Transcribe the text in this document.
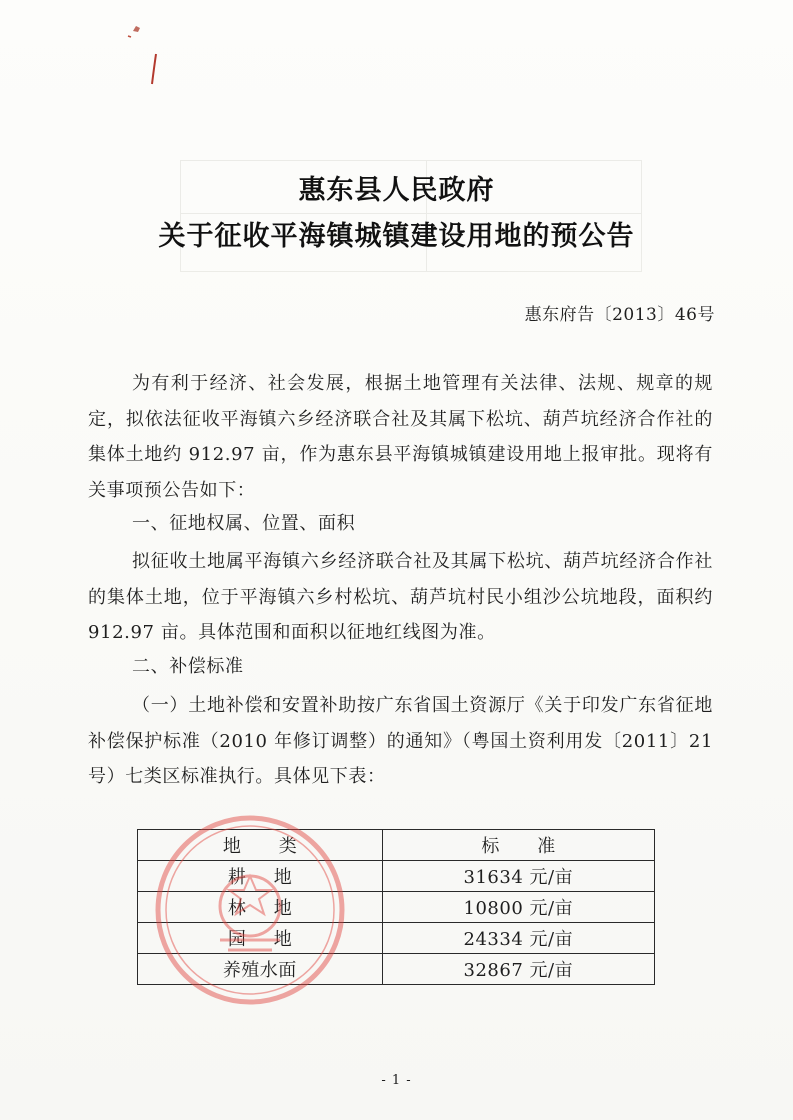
惠东县人民政府
关于征收平海镇城镇建设用地的预公告
惠东府告〔2013〕46号
为有利于经济、社会发展，根据土地管理有关法律、法规、规章的规定，拟依法征收平海镇六乡经济联合社及其属下松坑、葫芦坑经济合作社的集体土地约 912.97 亩，作为惠东县平海镇城镇建设用地上报审批。现将有关事项预公告如下：
一、征地权属、位置、面积
拟征收土地属平海镇六乡经济联合社及其属下松坑、葫芦坑经济合作社的集体土地，位于平海镇六乡村松坑、葫芦坑村民小组沙公坑地段，面积约 912.97 亩。具体范围和面积以征地红线图为准。
二、补偿标准
（一）土地补偿和安置补助按广东省国土资源厅《关于印发广东省征地补偿保护标准（2010 年修订调整）的通知》（粤国土资利用发〔2011〕21 号）七类区标准执行。具体见下表：
地类	标准
耕地	31634 元/亩
林地	10800 元/亩
园地	24334 元/亩
养殖水面	32867 元/亩
- 1 -
